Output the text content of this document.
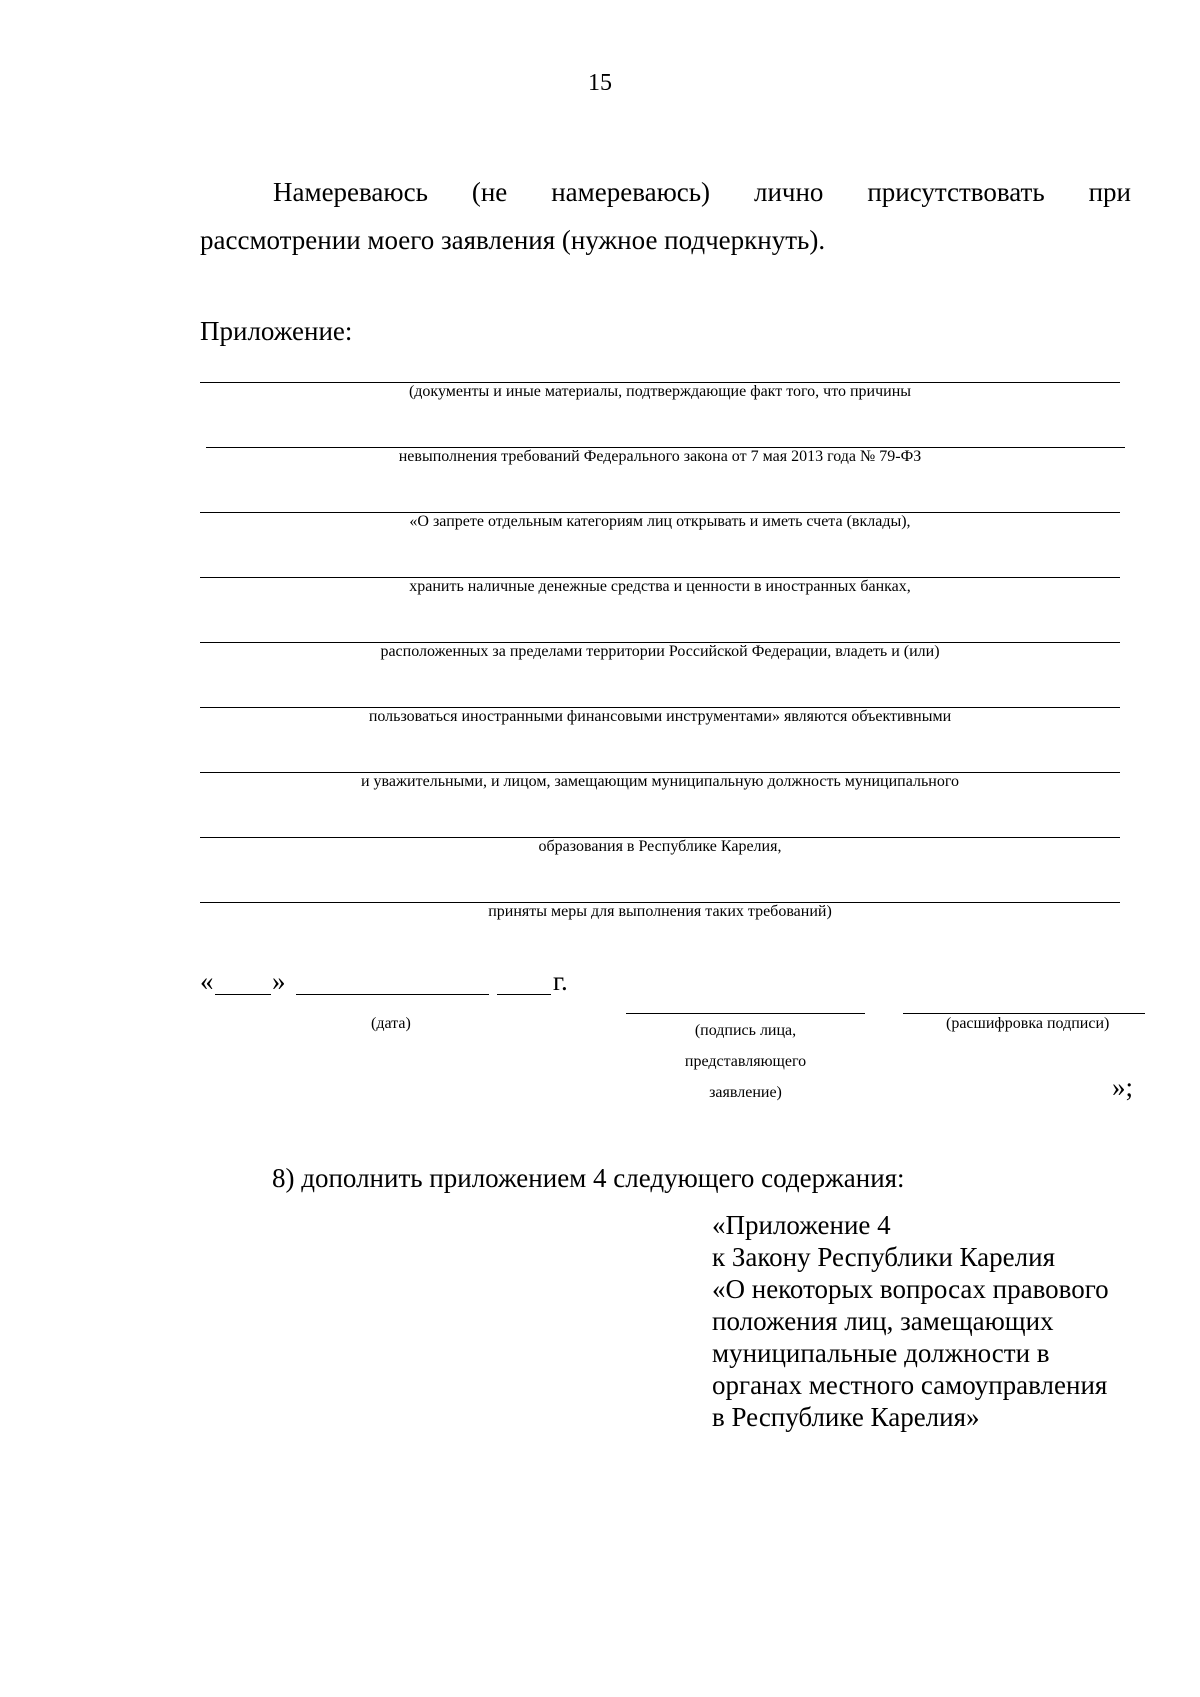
15
Намереваюсь (не намереваюсь) лично присутствовать при
рассмотрении моего заявления (нужное подчеркнуть).
Приложение:
(документы и иные материалы, подтверждающие факт того, что причины
невыполнения требований Федерального закона от 7 мая 2013 года № 79-ФЗ
«О запрете отдельным категориям лиц открывать и иметь счета (вклады),
хранить наличные денежные средства и ценности в иностранных банках,
расположенных за пределами территории Российской Федерации, владеть и (или)
пользоваться иностранными финансовыми инструментами» являются объективными
и уважительными, и лицом, замещающим муниципальную должность муниципального
образования в Республике Карелия,
приняты меры для выполнения таких требований)
« »	г.
(дата)	(подпись лица,
представляющего
заявление)
(расшифровка подписи)
»;
8) дополнить приложением 4 следующего содержания:
«Приложение 4
к Закону Республики Карелия
«О некоторых вопросах правового
положения лиц, замещающих
муниципальные должности в
органах местного самоуправления
в Республике Карелия»
